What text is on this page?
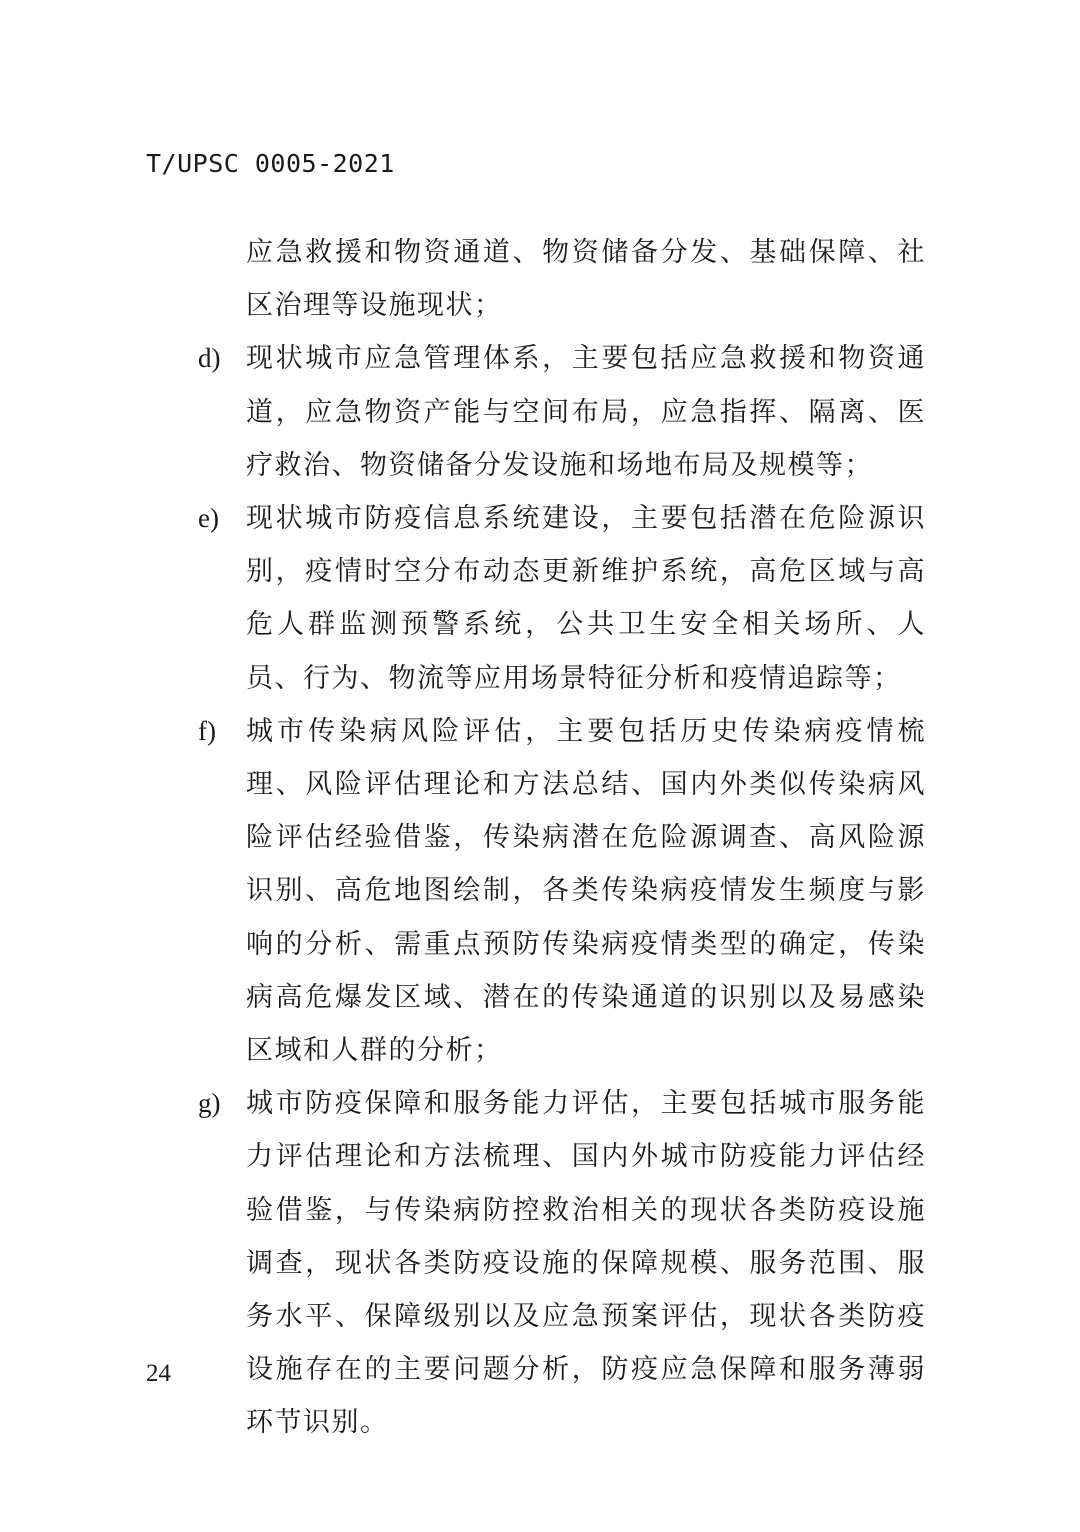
T/UPSC 0005-2021

应急救援和物资通道、物资储备分发、基础保障、社区治理等设施现状；

d) 现状城市应急管理体系，主要包括应急救援和物资通道，应急物资产能与空间布局，应急指挥、隔离、医疗救治、物资储备分发设施和场地布局及规模等；

e) 现状城市防疫信息系统建设，主要包括潜在危险源识别，疫情时空分布动态更新维护系统，高危区域与高危人群监测预警系统，公共卫生安全相关场所、人员、行为、物流等应用场景特征分析和疫情追踪等；

f) 城市传染病风险评估，主要包括历史传染病疫情梳理、风险评估理论和方法总结、国内外类似传染病风险评估经验借鉴，传染病潜在危险源调查、高风险源识别、高危地图绘制，各类传染病疫情发生频度与影响的分析、需重点预防传染病疫情类型的确定，传染病高危爆发区域、潜在的传染通道的识别以及易感染区域和人群的分析；

g) 城市防疫保障和服务能力评估，主要包括城市服务能力评估理论和方法梳理、国内外城市防疫能力评估经验借鉴，与传染病防控救治相关的现状各类防疫设施调查，现状各类防疫设施的保障规模、服务范围、服务水平、保障级别以及应急预案评估，现状各类防疫设施存在的主要问题分析，防疫应急保障和服务薄弱环节识别。

24
